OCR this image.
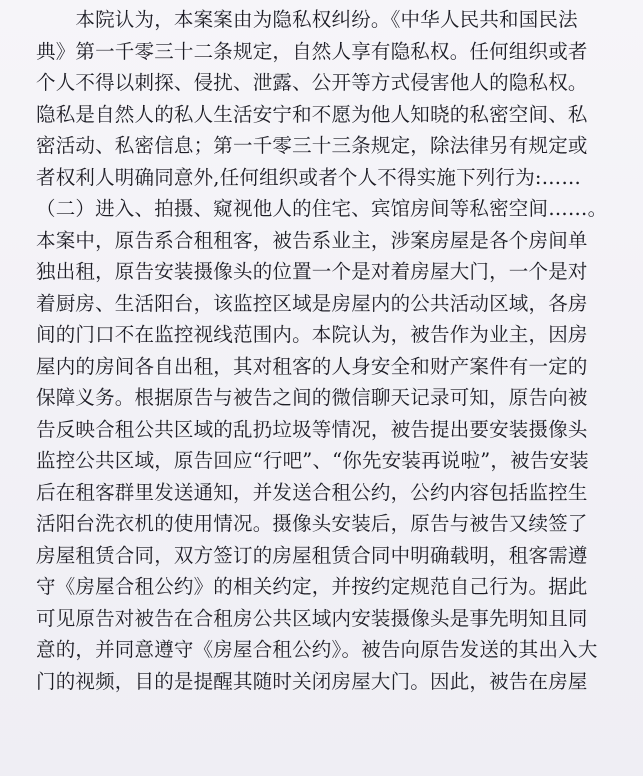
　　本院认为，本案案由为隐私权纠纷。《中华人民共和国民法
典》第一千零三十二条规定，自然人享有隐私权。任何组织或者
个人不得以刺探、侵扰、泄露、公开等方式侵害他人的隐私权。
隐私是自然人的私人生活安宁和不愿为他人知晓的私密空间、私
密活动、私密信息；第一千零三十三条规定，除法律另有规定或
者权利人明确同意外,任何组织或者个人不得实施下列行为:……
（二）进入、拍摄、窥视他人的住宅、宾馆房间等私密空间……。
本案中，原告系合租租客，被告系业主，涉案房屋是各个房间单
独出租，原告安装摄像头的位置一个是对着房屋大门，一个是对
着厨房、生活阳台，该监控区域是房屋内的公共活动区域，各房
间的门口不在监控视线范围内。本院认为，被告作为业主，因房
屋内的房间各自出租，其对租客的人身安全和财产案件有一定的
保障义务。根据原告与被告之间的微信聊天记录可知，原告向被
告反映合租公共区域的乱扔垃圾等情况，被告提出要安装摄像头
监控公共区域，原告回应“行吧”、“你先安装再说啦”，被告安装
后在租客群里发送通知，并发送合租公约，公约内容包括监控生
活阳台洗衣机的使用情况。摄像头安装后，原告与被告又续签了
房屋租赁合同，双方签订的房屋租赁合同中明确载明，租客需遵
守《房屋合租公约》的相关约定，并按约定规范自己行为。据此
可见原告对被告在合租房公共区域内安装摄像头是事先明知且同
意的，并同意遵守《房屋合租公约》。被告向原告发送的其出入大
门的视频，目的是提醒其随时关闭房屋大门。因此，被告在房屋
